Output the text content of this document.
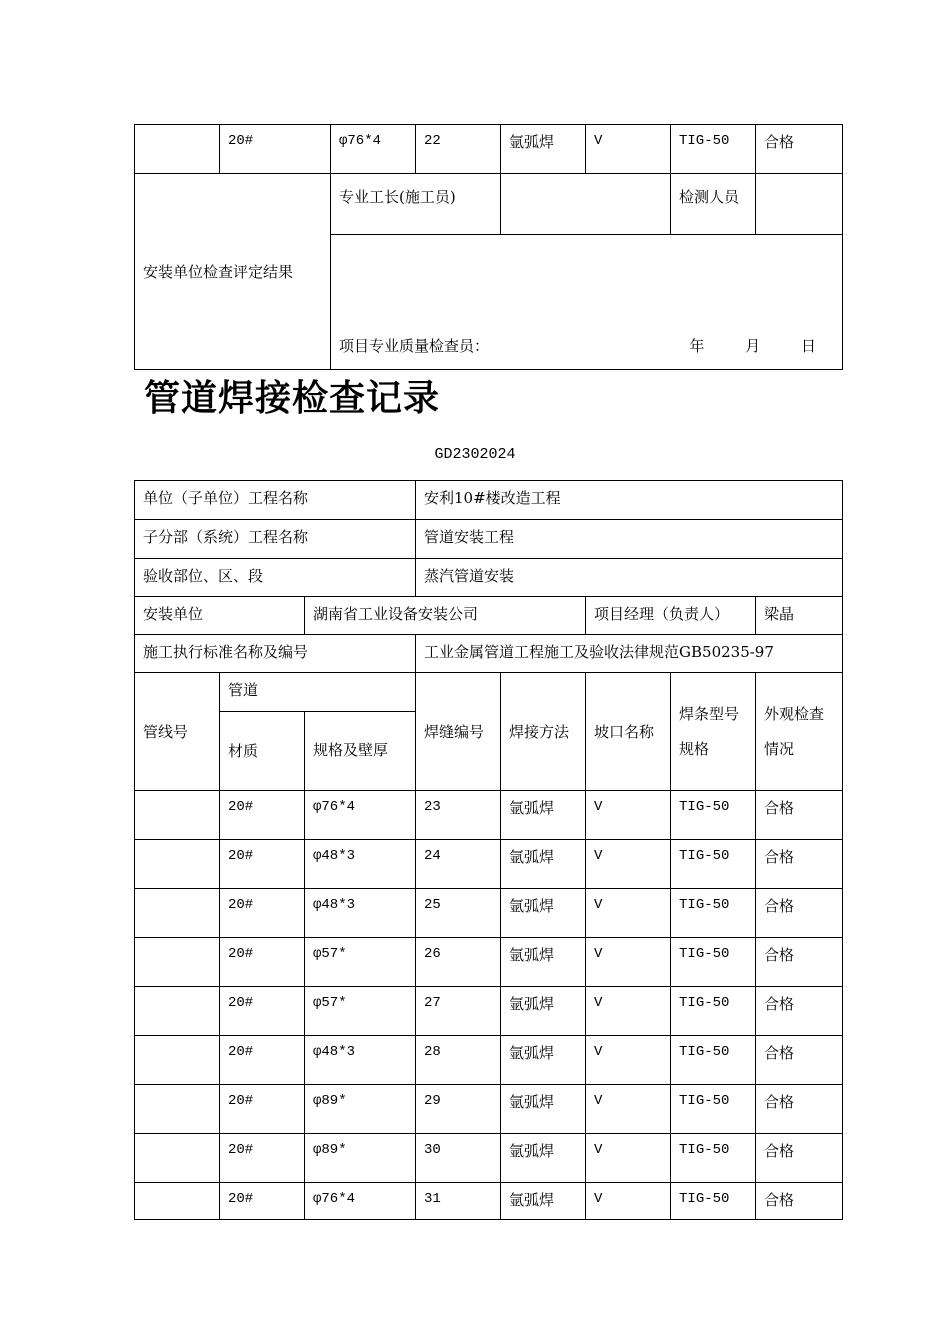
	20#	φ76*4	22	氩弧焊	V	TIG-50	合格
安装单位检查评定结果		专业工长(施工员)				检测人员	

		项目专业质量检查员： 年 月 日					
管道焊接检查记录
GD2302024
单位（子单位）工程名称			安利10#楼改造工程				
子分部（系统）工程名称			管道安装工程				
验收部位、区、段			蒸汽管道安装				
安装单位		湖南省工业设备安装公司			项目经理（负责人）		梁晶
施工执行标准名称及编号			工业金属管道工程施工及验收法律规范GB50235-97				
管线号	管道		焊缝编号	焊接方法	坡口名称	焊条型号规格	外观检查情况
	材质	规格及壁厚					
	20#	φ76*4	23	氩弧焊	V	TIG-50	合格
	20#	φ48*3	24	氩弧焊	V	TIG-50	合格
	20#	φ48*3	25	氩弧焊	V	TIG-50	合格
	20#	φ57*	26	氩弧焊	V	TIG-50	合格
	20#	φ57*	27	氩弧焊	V	TIG-50	合格
	20#	φ48*3	28	氩弧焊	V	TIG-50	合格
	20#	φ89*	29	氩弧焊	V	TIG-50	合格
	20#	φ89*	30	氩弧焊	V	TIG-50	合格
	20#	φ76*4	31	氩弧焊	V	TIG-50	合格
